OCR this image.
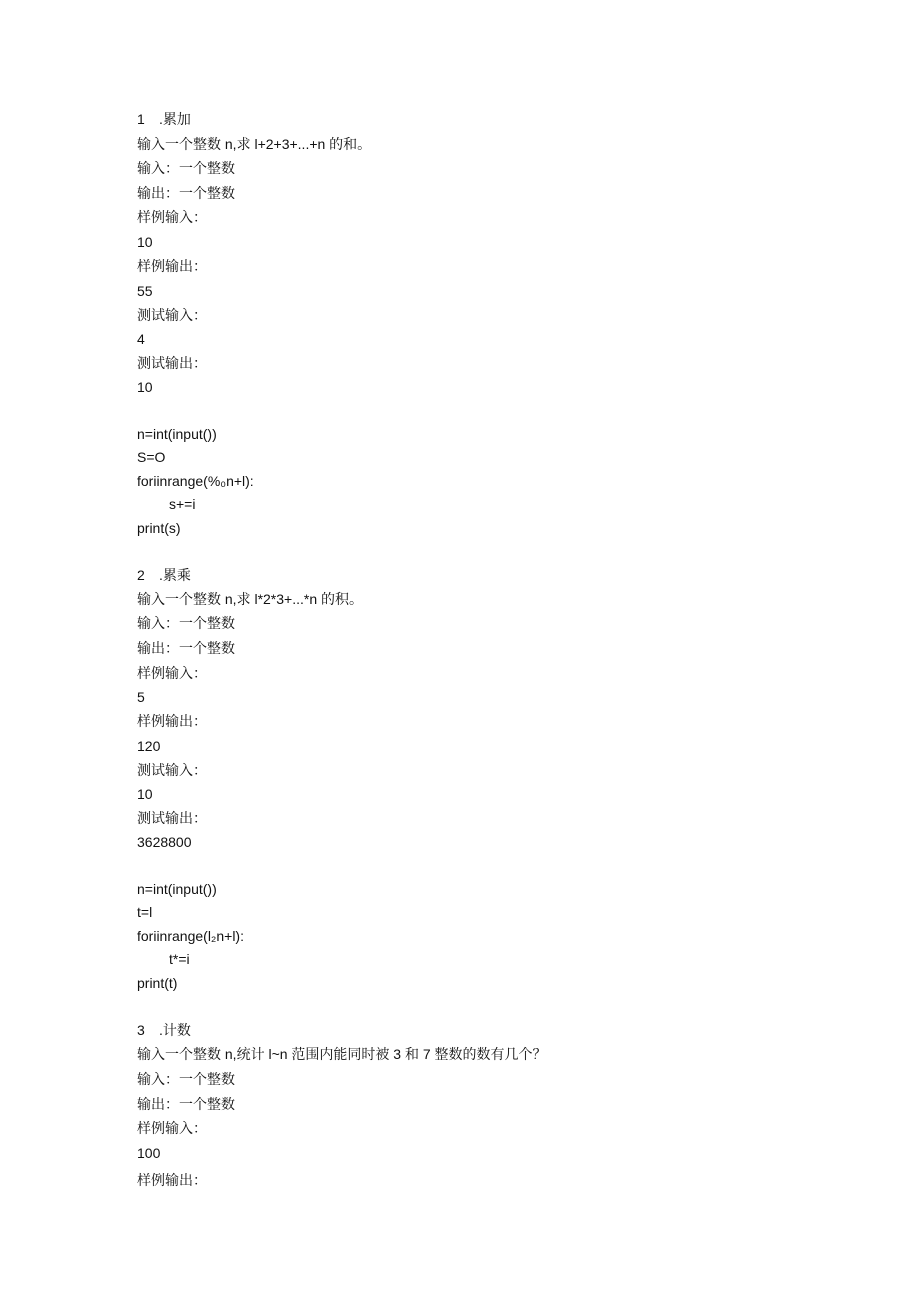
1 .累加
输入一个整数 n,求 l+2+3+...+n 的和。
输入：一个整数
输出：一个整数
样例输入：
10
样例输出：
55
测试输入：
4
测试输出：
10
n=int(input())
S=O
foriinrange(%₀n+l):
s+=i
print(s)
2 .累乘
输入一个整数 n,求 l*2*3+...*n 的积。
输入：一个整数
输出：一个整数
样例输入：
5
样例输出：
120
测试输入：
10
测试输出：
3628800
n=int(input())
t=l
foriinrange(l₂n+l):
t*=i
print(t)
3 .计数
输入一个整数 n,统计 l~n 范围内能同时被 3 和 7 整数的数有几个？
输入：一个整数
输出：一个整数
样例输入：
100
样例输出：
